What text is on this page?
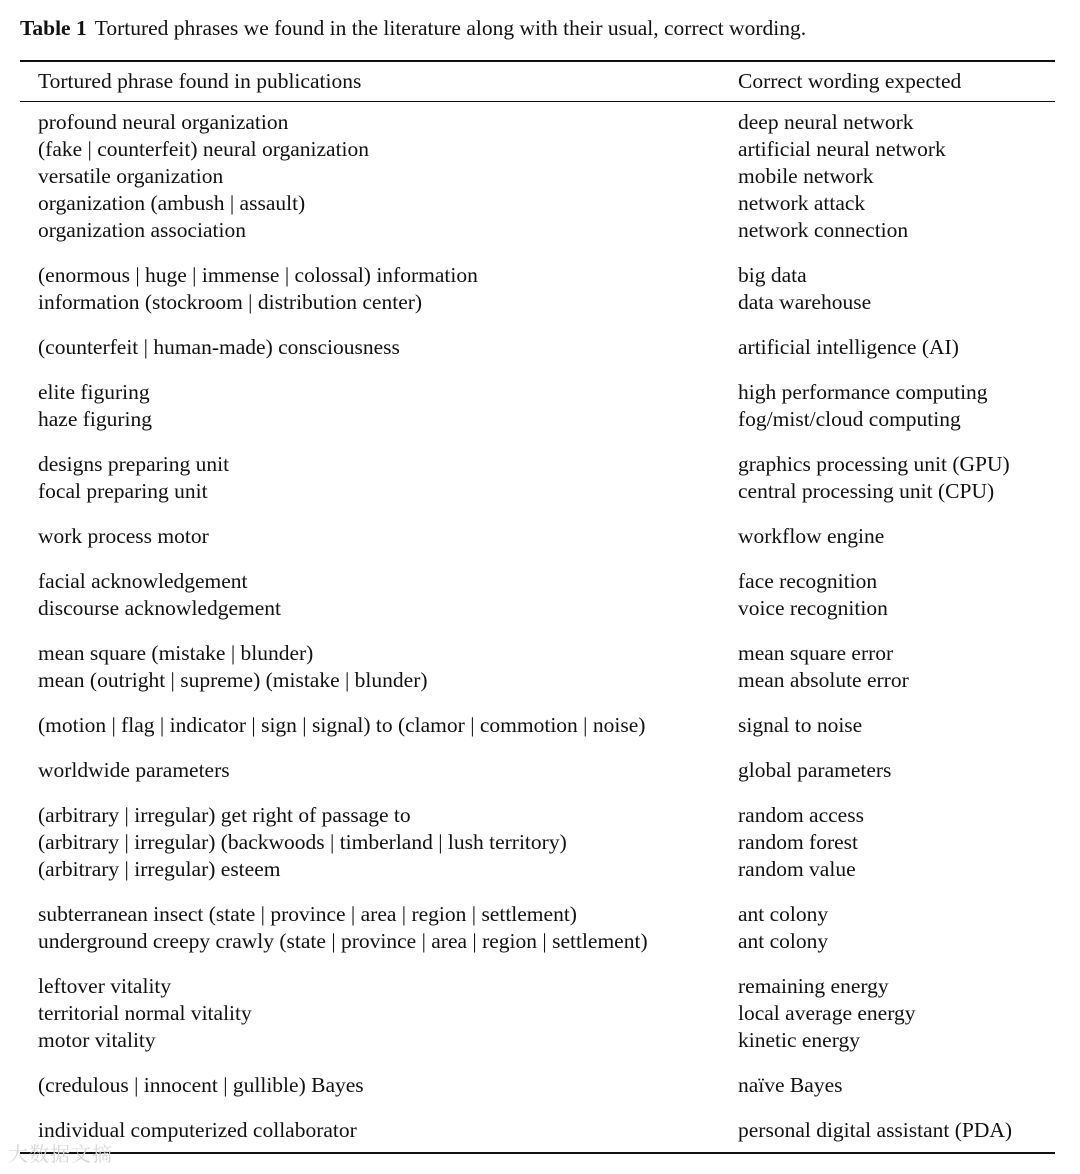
Table 1 Tortured phrases we found in the literature along with their usual, correct wording.
Tortured phrase found in publications	Correct wording expected
profound neural organization	deep neural network
(fake | counterfeit) neural organization	artificial neural network
versatile organization	mobile network
organization (ambush | assault)	network attack
organization association	network connection
(enormous | huge | immense | colossal) information	big data
information (stockroom | distribution center)	data warehouse
(counterfeit | human-made) consciousness	artificial intelligence (AI)
elite figuring	high performance computing
haze figuring	fog/mist/cloud computing
designs preparing unit	graphics processing unit (GPU)
focal preparing unit	central processing unit (CPU)
work process motor	workflow engine
facial acknowledgement	face recognition
discourse acknowledgement	voice recognition
mean square (mistake | blunder)	mean square error
mean (outright | supreme) (mistake | blunder)	mean absolute error
(motion | flag | indicator | sign | signal) to (clamor | commotion | noise)	signal to noise
worldwide parameters	global parameters
(arbitrary | irregular) get right of passage to	random access
(arbitrary | irregular) (backwoods | timberland | lush territory)	random forest
(arbitrary | irregular) esteem	random value
subterranean insect (state | province | area | region | settlement)	ant colony
underground creepy crawly (state | province | area | region | settlement)	ant colony
leftover vitality	remaining energy
territorial normal vitality	local average energy
motor vitality	kinetic energy
(credulous | innocent | gullible) Bayes	naïve Bayes
individual computerized collaborator	personal digital assistant (PDA)
大数据文摘
